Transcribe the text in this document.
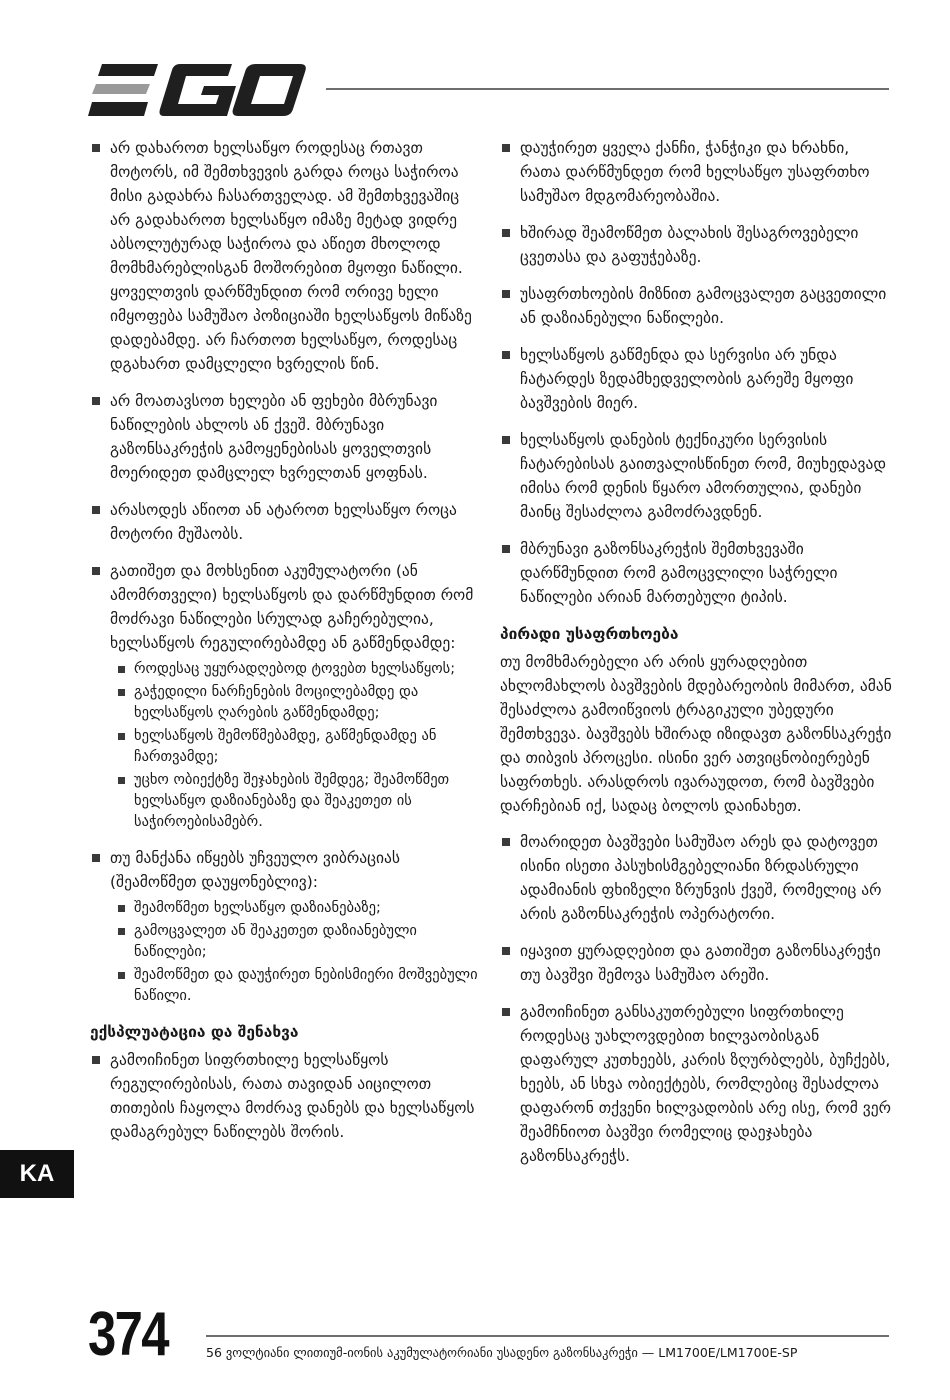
არ დახაროთ ხელსაწყო როდესაც რთავთ მოტორს, იმ შემთხვევის გარდა როცა საჭიროა მისი გადახრა ჩასართველად. ამ შემთხვევაშიც არ გადახაროთ ხელსაწყო იმაზე მეტად ვიდრე აბსოლუტურად საჭიროა და აწიეთ მხოლოდ მომხმარებლისგან მოშორებით მყოფი ნაწილი. ყოველთვის დარწმუნდით რომ ორივე ხელი იმყოფება სამუშაო პოზიციაში ხელსაწყოს მიწაზე დადებამდე. არ ჩართოთ ხელსაწყო, როდესაც დგახართ დამცლელი ხვრელის წინ.
არ მოათავსოთ ხელები ან ფეხები მბრუნავი ნაწილების ახლოს ან ქვეშ. მბრუნავი გაზონსაკრეჭის გამოყენებისას ყოველთვის მოერიდეთ დამცლელ ხვრელთან ყოფნას.
არასოდეს აწიოთ ან ატაროთ ხელსაწყო როცა მოტორი მუშაობს.
გათიშეთ და მოხსენით აკუმულატორი (ან ამომრთველი) ხელსაწყოს და დარწმუნდით რომ მოძრავი ნაწილები სრულად გაჩერებულია, ხელსაწყოს რეგულირებამდე ან გაწმენდამდე:
როდესაც უყურადღებოდ ტოვებთ ხელსაწყოს;
გაჭედილი ნარჩენების მოცილებამდე და ხელსაწყოს ღარების გაწმენდამდე;
ხელსაწყოს შემოწმებამდე, გაწმენდამდე ან ჩართვამდე;
უცხო ობიექტზე შეჯახების შემდეგ; შეამოწმეთ ხელსაწყო დაზიანებაზე და შეაკეთეთ ის საჭიროებისამებრ.
თუ მანქანა იწყებს უჩვეულო ვიბრაციას (შეამოწმეთ დაუყონებლივ):
შეამოწმეთ ხელსაწყო დაზიანებაზე;
გამოცვალეთ ან შეაკეთეთ დაზიანებული ნაწილები;
შეამოწმეთ და დაუჭირეთ ნებისმიერი მოშვებული ნაწილი.
ექსპლუატაცია და შენახვა
გამოიჩინეთ სიფრთხილე ხელსაწყოს რეგულირებისას, რათა თავიდან აიცილოთ თითების ჩაყოლა მოძრავ დანებს და ხელსაწყოს დამაგრებულ ნაწილებს შორის.
დაუჭირეთ ყველა ქანჩი, ჭანჭიკი და ხრახნი, რათა დარწმუნდეთ რომ ხელსაწყო უსაფრთხო სამუშაო მდგომარეობაშია.
ხშირად შეამოწმეთ ბალახის შესაგროვებელი ცვეთასა და გაფუჭებაზე.
უსაფრთხოების მიზნით გამოცვალეთ გაცვეთილი ან დაზიანებული ნაწილები.
ხელსაწყოს გაწმენდა და სერვისი არ უნდა ჩატარდეს ზედამხედველობის გარეშე მყოფი ბავშვების მიერ.
ხელსაწყოს დანების ტექნიკური სერვისის ჩატარებისას გაითვალისწინეთ რომ, მიუხედავად იმისა რომ დენის წყარო ამორთულია, დანები მაინც შესაძლოა გამოძრავდნენ.
მბრუნავი გაზონსაკრეჭის შემთხვევაში დარწმუნდით რომ გამოცვლილი საჭრელი ნაწილები არიან მართებული ტიპის.
პირადი უსაფრთხოება

თუ მომხმარებელი არ არის ყურადღებით ახლომახლოს ბავშვების მდებარეობის მიმართ, ამან შესაძლოა გამოიწვიოს ტრაგიკული უბედური შემთხვევა. ბავშვებს ხშირად იზიდავთ გაზონსაკრეჭი და თიბვის პროცესი. ისინი ვერ ათვიცნობიერებენ საფრთხეს. არასდროს ივარაუდოთ, რომ ბავშვები დარჩებიან იქ, სადაც ბოლოს დაინახეთ.

მოარიდეთ ბავშვები სამუშაო არეს და დატოვეთ ისინი ისეთი პასუხისმგებელიანი ზრდასრული ადამიანის ფხიზელი ზრუნვის ქვეშ, რომელიც არ არის გაზონსაკრეჭის ოპერატორი.
იყავით ყურადღებით და გათიშეთ გაზონსაკრეჭი თუ ბავშვი შემოვა სამუშაო არეში.
გამოიჩინეთ განსაკუთრებული სიფრთხილე როდესაც უახლოვდებით ხილვაობისგან დაფარულ კუთხეებს, კარის ზღურბლებს, ბუჩქებს, ხეებს, ან სხვა ობიექტებს, რომლებიც შესაძლოა დაფარონ თქვენი ხილვადობის არე ისე, რომ ვერ შეამჩნიოთ ბავშვი რომელიც დაეჯახება გაზონსაკრეჭს.
KA
374	56 ვოლტიანი ლითიუმ-იონის აკუმულატორიანი უსადენო გაზონსაკრეჭი — LM1700E/LM1700E-SP
